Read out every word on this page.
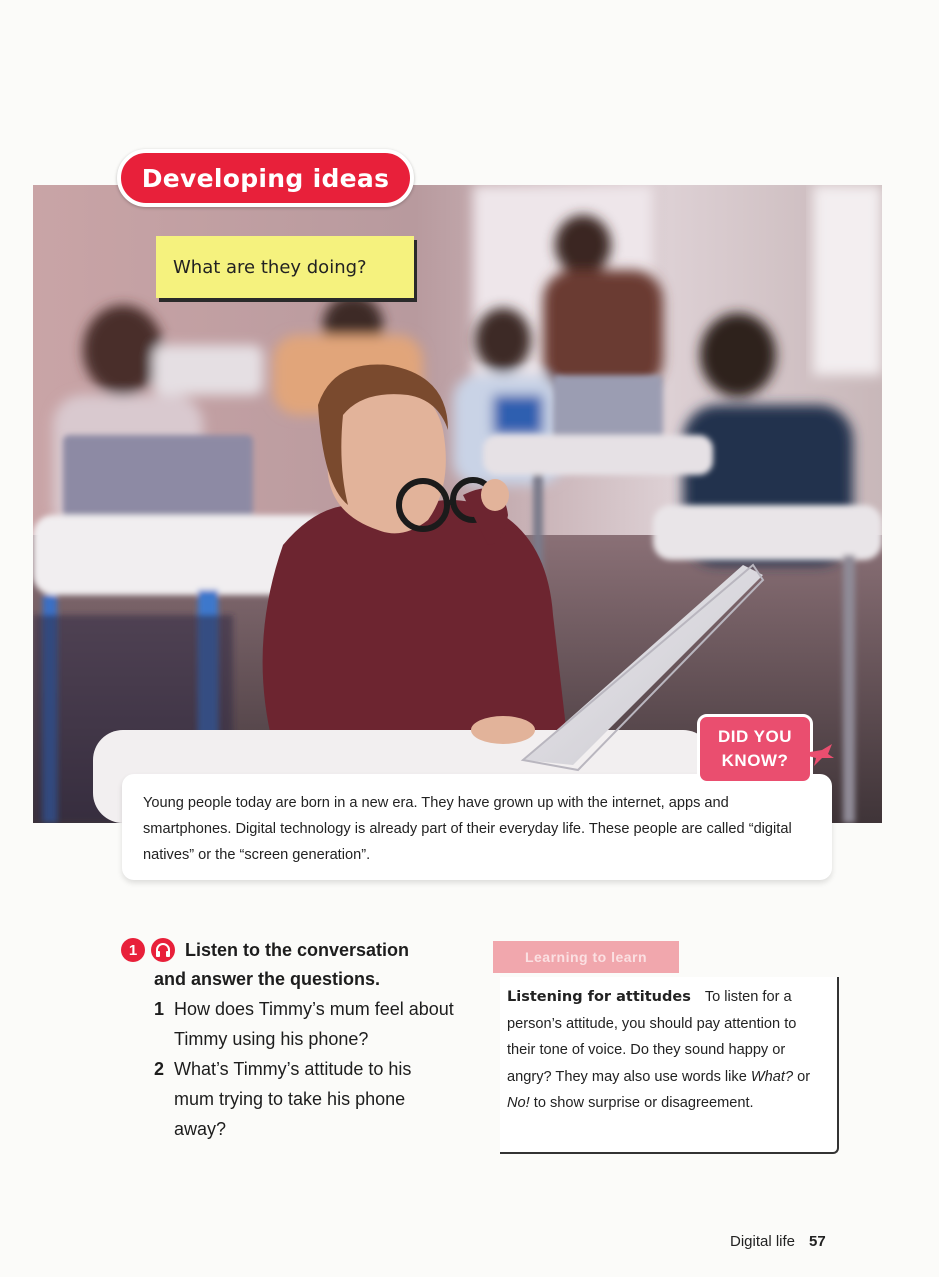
Developing ideas
What are they doing?

Young people today are born in a new era. They have grown up with the internet, apps and smartphones. Digital technology is already part of their everyday life. These people are called “digital natives” or the “screen generation”.

DID YOU
KNOW?
1	Listen to the conversation
and answer the questions.
1 How does Timmy’s mum feel about Timmy using his phone?
2 What’s Timmy’s attitude to his mum trying to take his phone away?
Learning to learn
Listening for attitudes To listen for a person’s attitude, you should pay attention to their tone of voice. Do they sound happy or angry? They may also use words like What? or No! to show surprise or disagreement.
Digital life 57
